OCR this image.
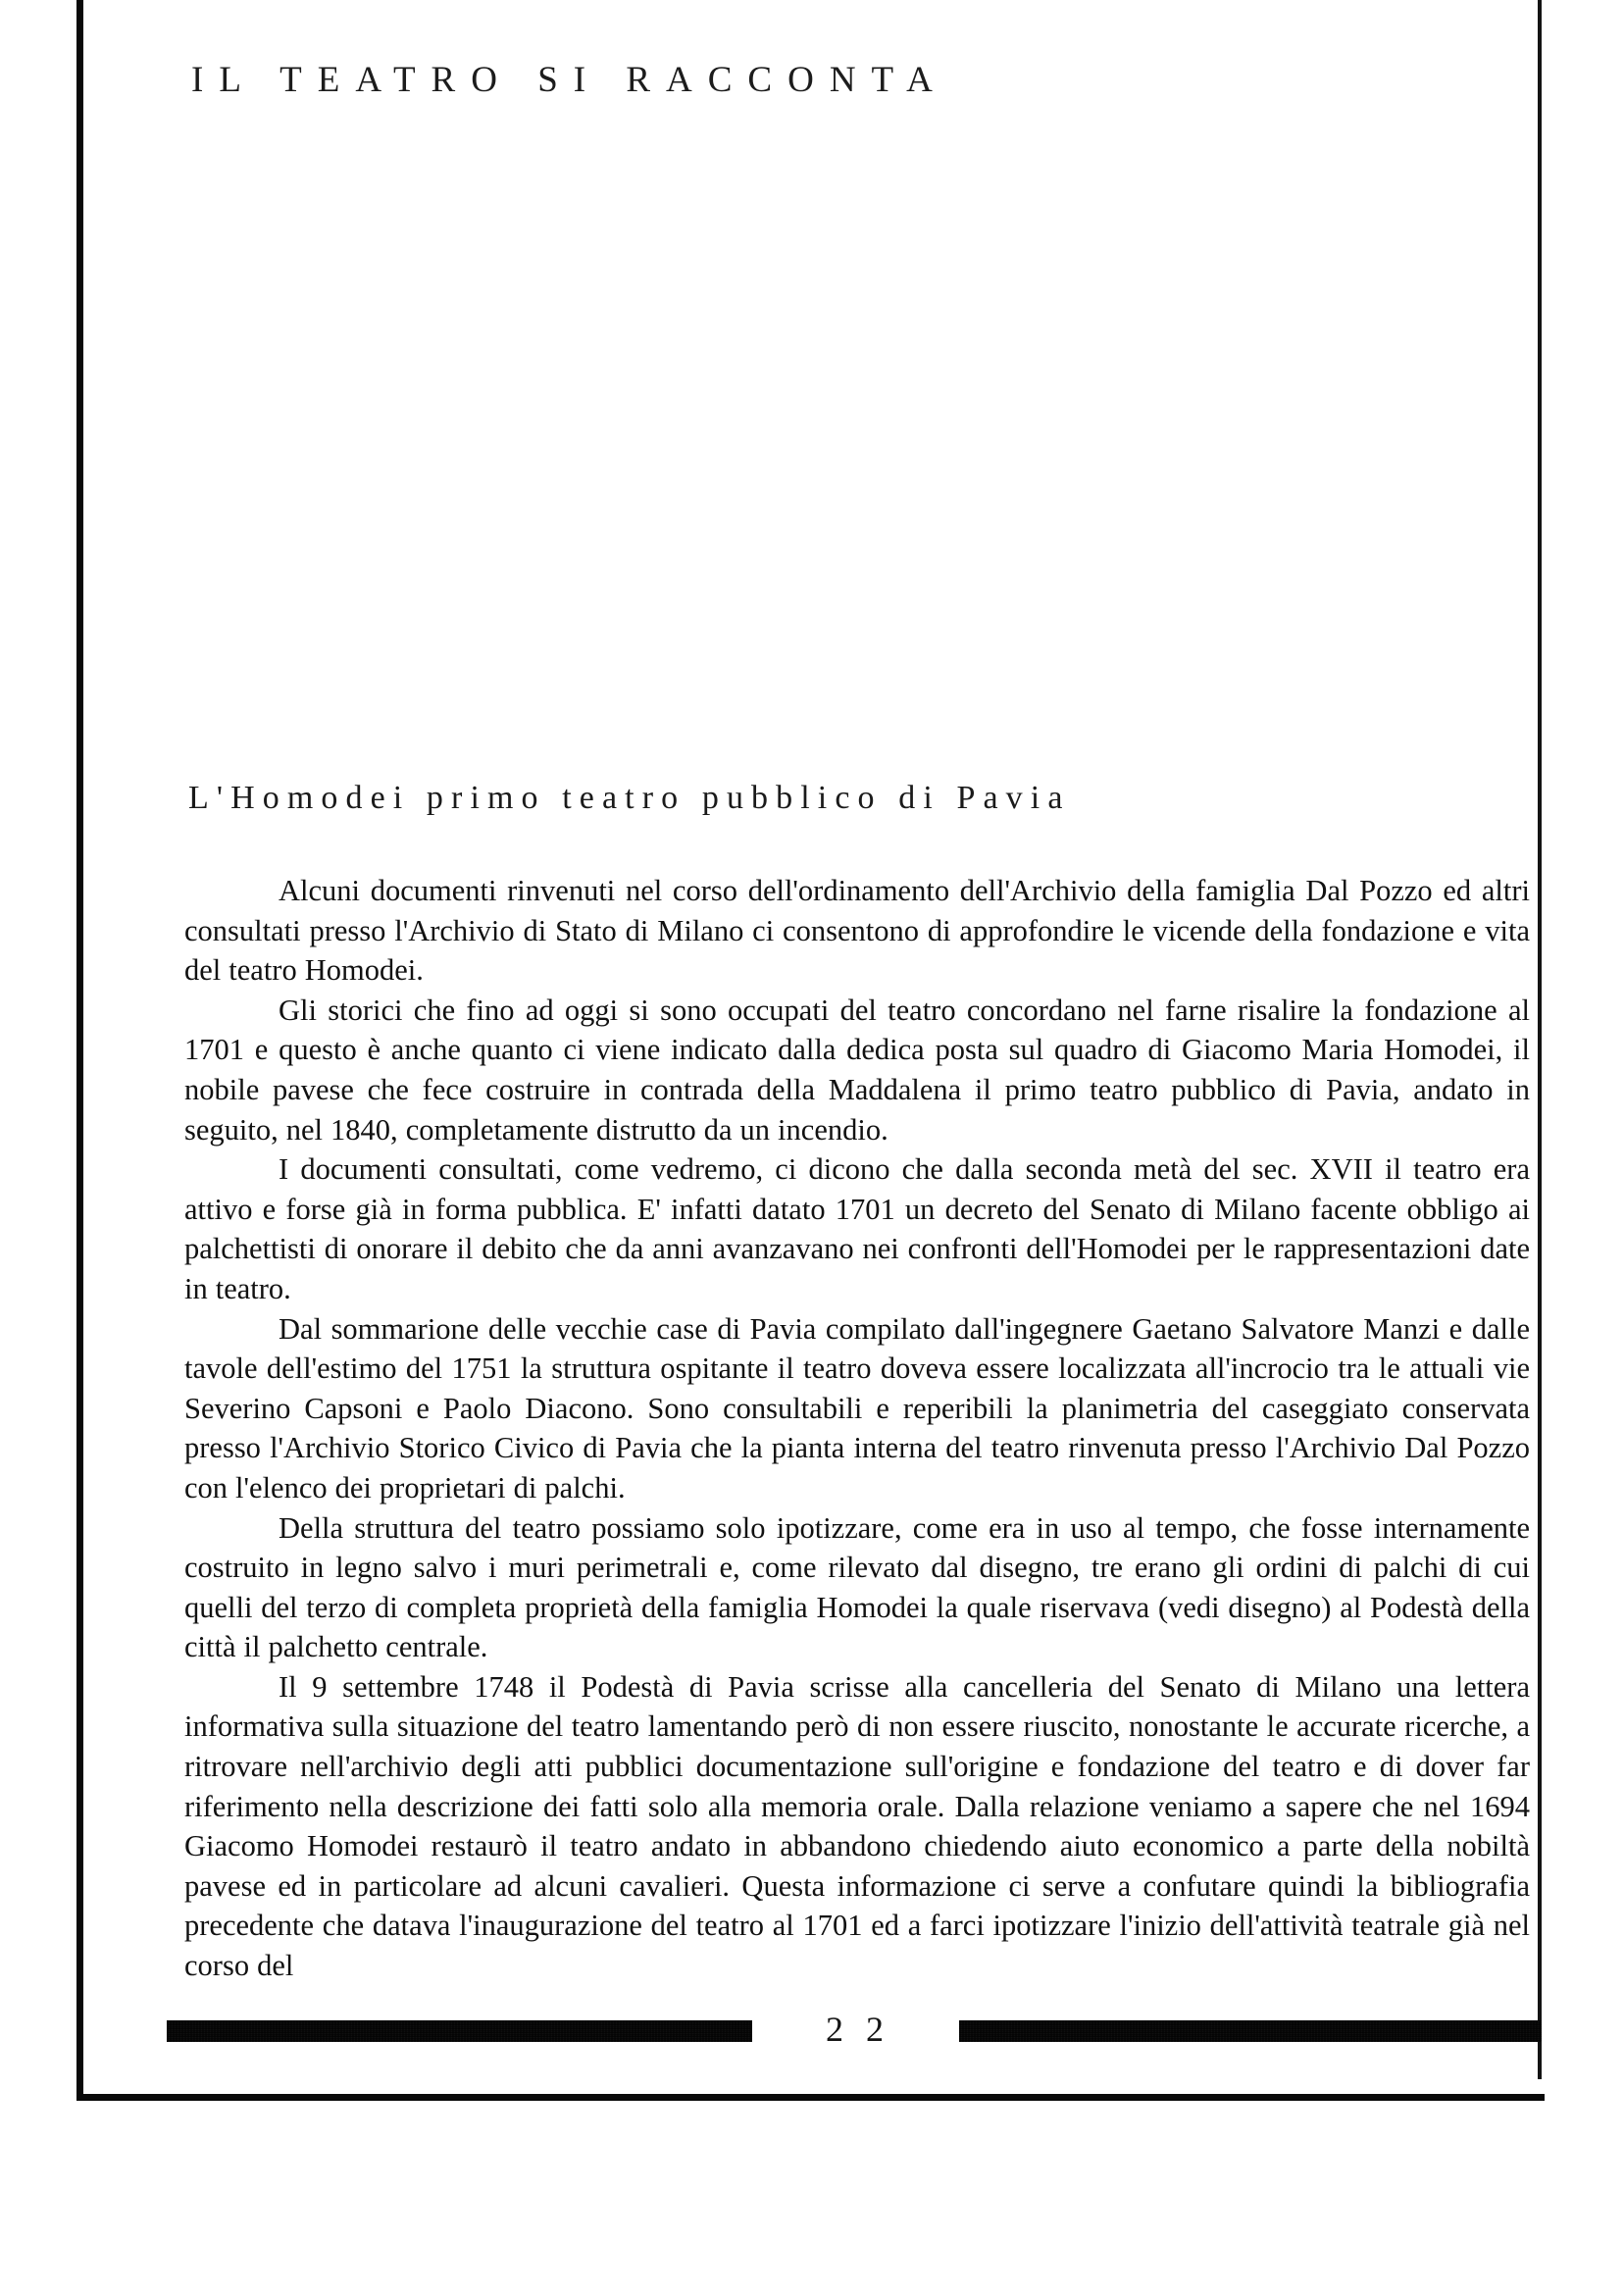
IL TEATRO SI RACCONTA
L'Homodei primo teatro pubblico di Pavia

Alcuni documenti rinvenuti nel corso dell'ordinamento dell'Archivio della famiglia Dal Pozzo ed altri consultati presso l'Archivio di Stato di Milano ci consentono di approfondire le vicende della fondazione e vita del teatro Homodei.

Gli storici che fino ad oggi si sono occupati del teatro concordano nel farne risalire la fondazione al 1701 e questo è anche quanto ci viene indicato dalla dedica posta sul quadro di Giacomo Maria Homodei, il nobile pavese che fece costruire in contrada della Maddalena il primo teatro pubblico di Pavia, andato in seguito, nel 1840, completamente distrutto da un incendio.

I documenti consultati, come vedremo, ci dicono che dalla seconda metà del sec. XVII il teatro era attivo e forse già in forma pubblica. E' infatti datato 1701 un decreto del Senato di Milano facente obbligo ai palchettisti di onorare il debito che da anni avanzavano nei confronti dell'Homodei per le rappresentazioni date in teatro.

Dal sommarione delle vecchie case di Pavia compilato dall'ingegnere Gaetano Salvatore Manzi e dalle tavole dell'estimo del 1751 la struttura ospitante il teatro doveva essere localizzata all'incrocio tra le attuali vie Severino Capsoni e Paolo Diacono. Sono consultabili e reperibili la planimetria del caseggiato conservata presso l'Archivio Storico Civico di Pavia che la pianta interna del teatro rinvenuta presso l'Archivio Dal Pozzo con l'elenco dei proprietari di palchi.

Della struttura del teatro possiamo solo ipotizzare, come era in uso al tempo, che fosse internamente costruito in legno salvo i muri perimetrali e, come rilevato dal disegno, tre erano gli ordini di palchi di cui quelli del terzo di completa proprietà della famiglia Homodei la quale riservava (vedi disegno) al Podestà della città il palchetto centrale.

Il 9 settembre 1748 il Podestà di Pavia scrisse alla cancelleria del Senato di Milano una lettera informativa sulla situazione del teatro lamentando però di non essere riuscito, nonostante le accurate ricerche, a ritrovare nell'archivio degli atti pubblici documentazione sull'origine e fondazione del teatro e di dover far riferimento nella descrizione dei fatti solo alla memoria orale. Dalla relazione veniamo a sapere che nel 1694 Giacomo Homodei restaurò il teatro andato in abbandono chiedendo aiuto economico a parte della nobiltà pavese ed in particolare ad alcuni cavalieri. Questa informazione ci serve a confutare quindi la bibliografia precedente che datava l'inaugurazione del teatro al 1701 ed a farci ipotizzare l'inizio dell'attività teatrale già nel corso del

2 2
